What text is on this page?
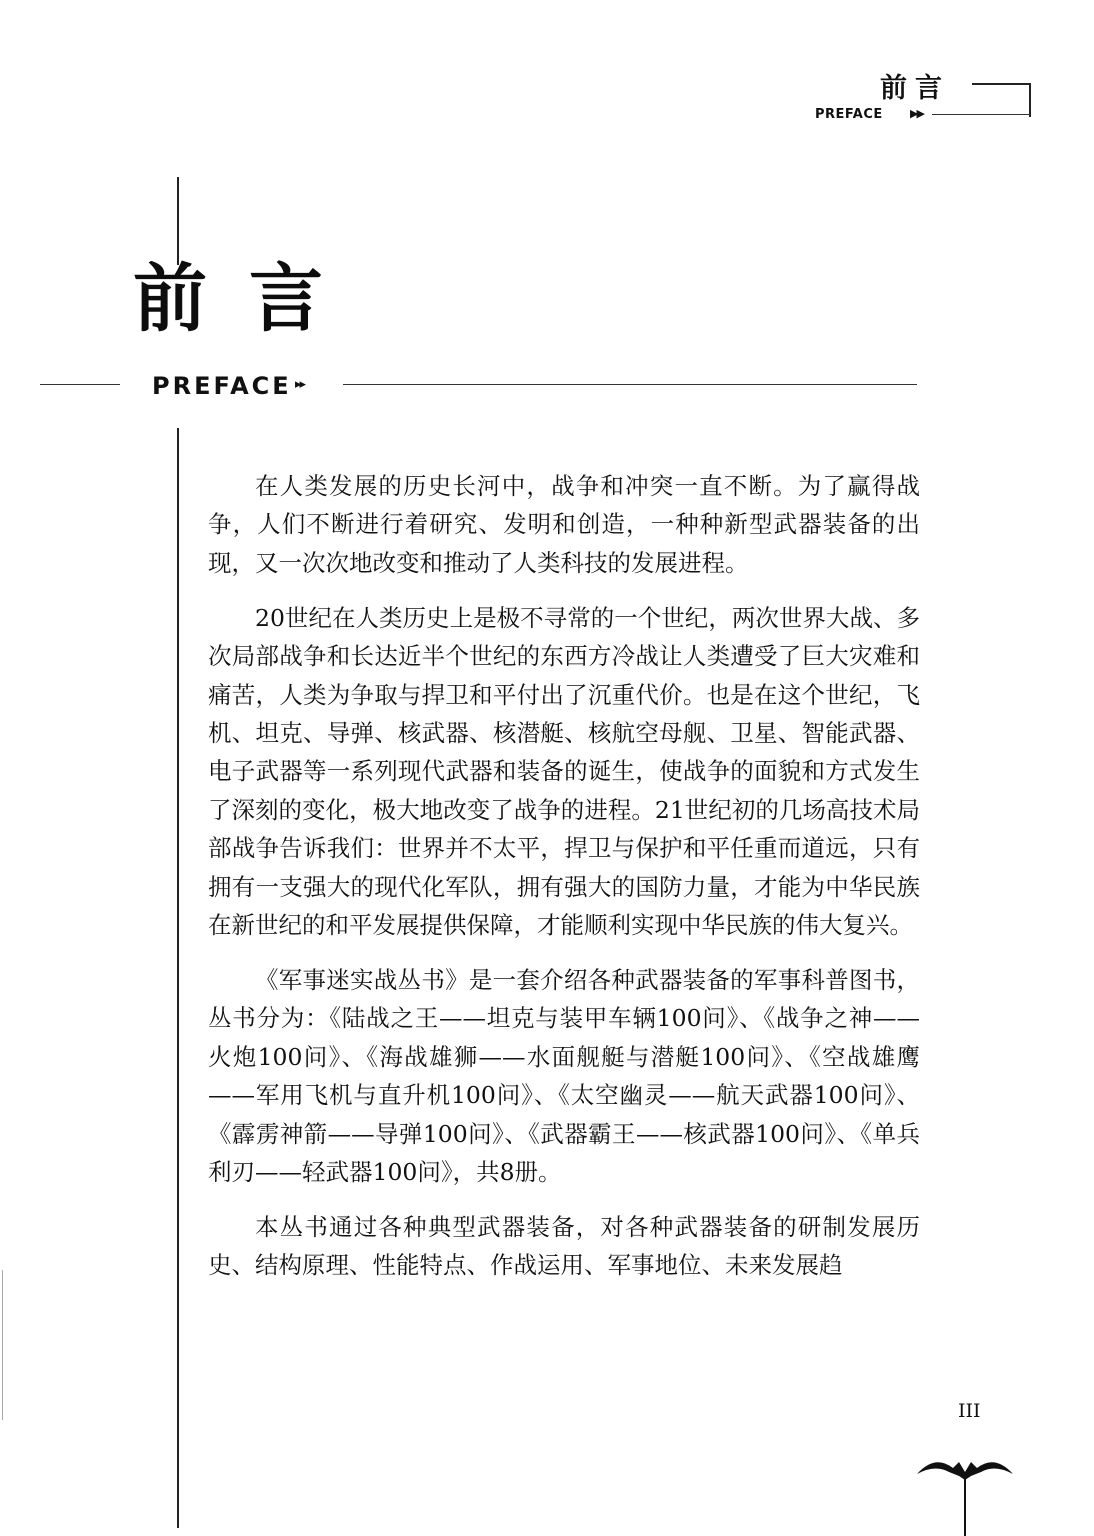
前言
PREFACE ▶▶
前言
PREFACE ▸▸

在人类发展的历史长河中，战争和冲突一直不断。为了赢得战争，人们不断进行着研究、发明和创造，一种种新型武器装备的出现，又一次次地改变和推动了人类科技的发展进程。

20世纪在人类历史上是极不寻常的一个世纪，两次世界大战、多次局部战争和长达近半个世纪的东西方冷战让人类遭受了巨大灾难和痛苦，人类为争取与捍卫和平付出了沉重代价。也是在这个世纪，飞机、坦克、导弹、核武器、核潜艇、核航空母舰、卫星、智能武器、电子武器等一系列现代武器和装备的诞生，使战争的面貌和方式发生了深刻的变化，极大地改变了战争的进程。21世纪初的几场高技术局部战争告诉我们：世界并不太平，捍卫与保护和平任重而道远，只有拥有一支强大的现代化军队，拥有强大的国防力量，才能为中华民族在新世纪的和平发展提供保障，才能顺利实现中华民族的伟大复兴。

《军事迷实战丛书》是一套介绍各种武器装备的军事科普图书，丛书分为：《陆战之王——坦克与装甲车辆100问》、《战争之神——火炮100问》、《海战雄狮——水面舰艇与潜艇100问》、《空战雄鹰——军用飞机与直升机100问》、《太空幽灵——航天武器100问》、《霹雳神箭——导弹100问》、《武器霸王——核武器100问》、《单兵利刃——轻武器100问》，共8册。

本丛书通过各种典型武器装备，对各种武器装备的研制发展历史、结构原理、性能特点、作战运用、军事地位、未来发展趋

III
